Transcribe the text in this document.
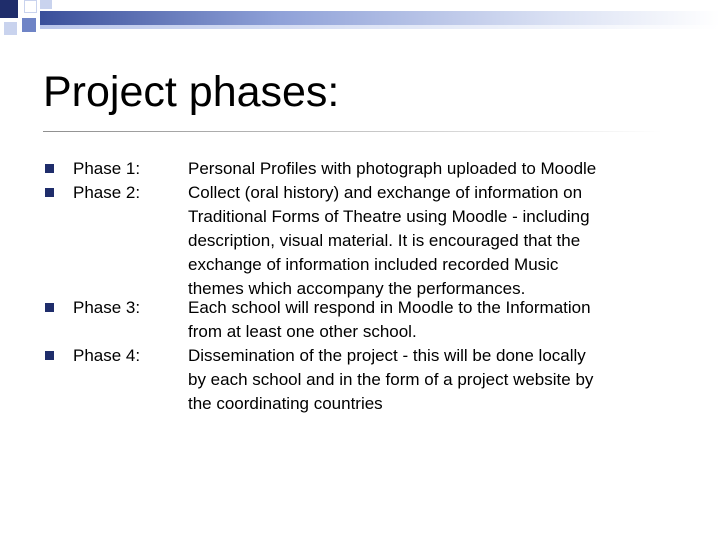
Project phases:
Phase 1:	Personal Profiles with photograph uploaded to Moodle
Phase 2:	Collect (oral history) and exchange of information on
Traditional Forms of Theatre using Moodle - including
description, visual material. It is encouraged that the
exchange of information included recorded Music
themes which accompany the performances.
Phase 3:	Each school will respond in Moodle to the Information
from at least one other school.
Phase 4:	Dissemination of the project - this will be done locally
by each school and in the form of a project website by
the coordinating countries
